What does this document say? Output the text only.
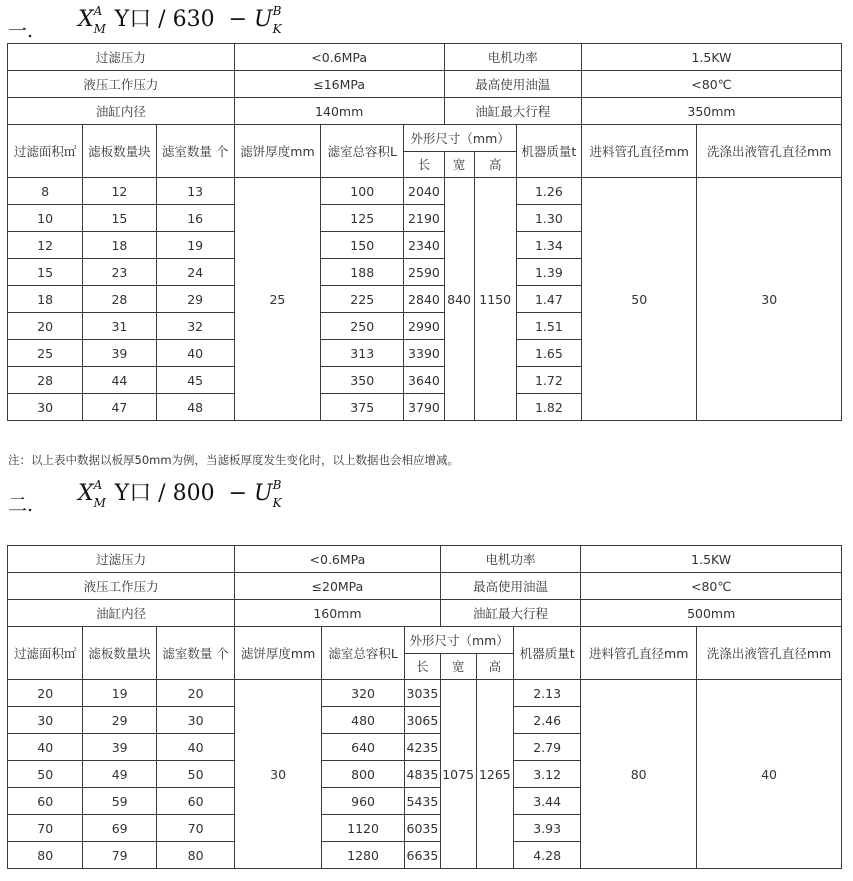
一. X A
M Y口 / 630  − U B
K
过滤压力			<0.6MPa			电机功率			1.5KW	
液压工作压力			≤16MPa			最高使用油温			<80℃	
油缸内径			140mm			油缸最大行程			350mm	
过滤面积㎡	滤板数量块	滤室数量 个	滤饼厚度mm	滤室总容积L	外形尺寸（mm）			机器质量t	进料管孔直径mm	洗涤出液管孔直径mm
					长	宽	高			
8	12	13	25	100	2040	840	1150	1.26	50	30
10	15	16		125	2190			1.30		
12	18	19		150	2340			1.34		
15	23	24		188	2590			1.39		
18	28	29		225	2840			1.47		
20	31	32		250	2990			1.51		
25	39	40		313	3390			1.65		
28	44	45		350	3640			1.72		
30	47	48		375	3790			1.82		
注：以上表中数据以板厚50mm为例，当滤板厚度发生变化时，以上数据也会相应增减。
二. X A
M Y口 / 800  − U B
K
过滤压力			<0.6MPa			电机功率			1.5KW	
液压工作压力			≤20MPa			最高使用油温			<80℃	
油缸内径			160mm			油缸最大行程			500mm	
过滤面积㎡	滤板数量块	滤室数量 个	滤饼厚度mm	滤室总容积L	外形尺寸（mm）			机器质量t	进料管孔直径mm	洗涤出液管孔直径mm
					长	宽	高			
20	19	20	30	320	3035	1075	1265	2.13	80	40
30	29	30		480	3065			2.46		
40	39	40		640	4235			2.79		
50	49	50		800	4835			3.12		
60	59	60		960	5435			3.44		
70	69	70		1120	6035			3.93		
80	79	80		1280	6635			4.28		
